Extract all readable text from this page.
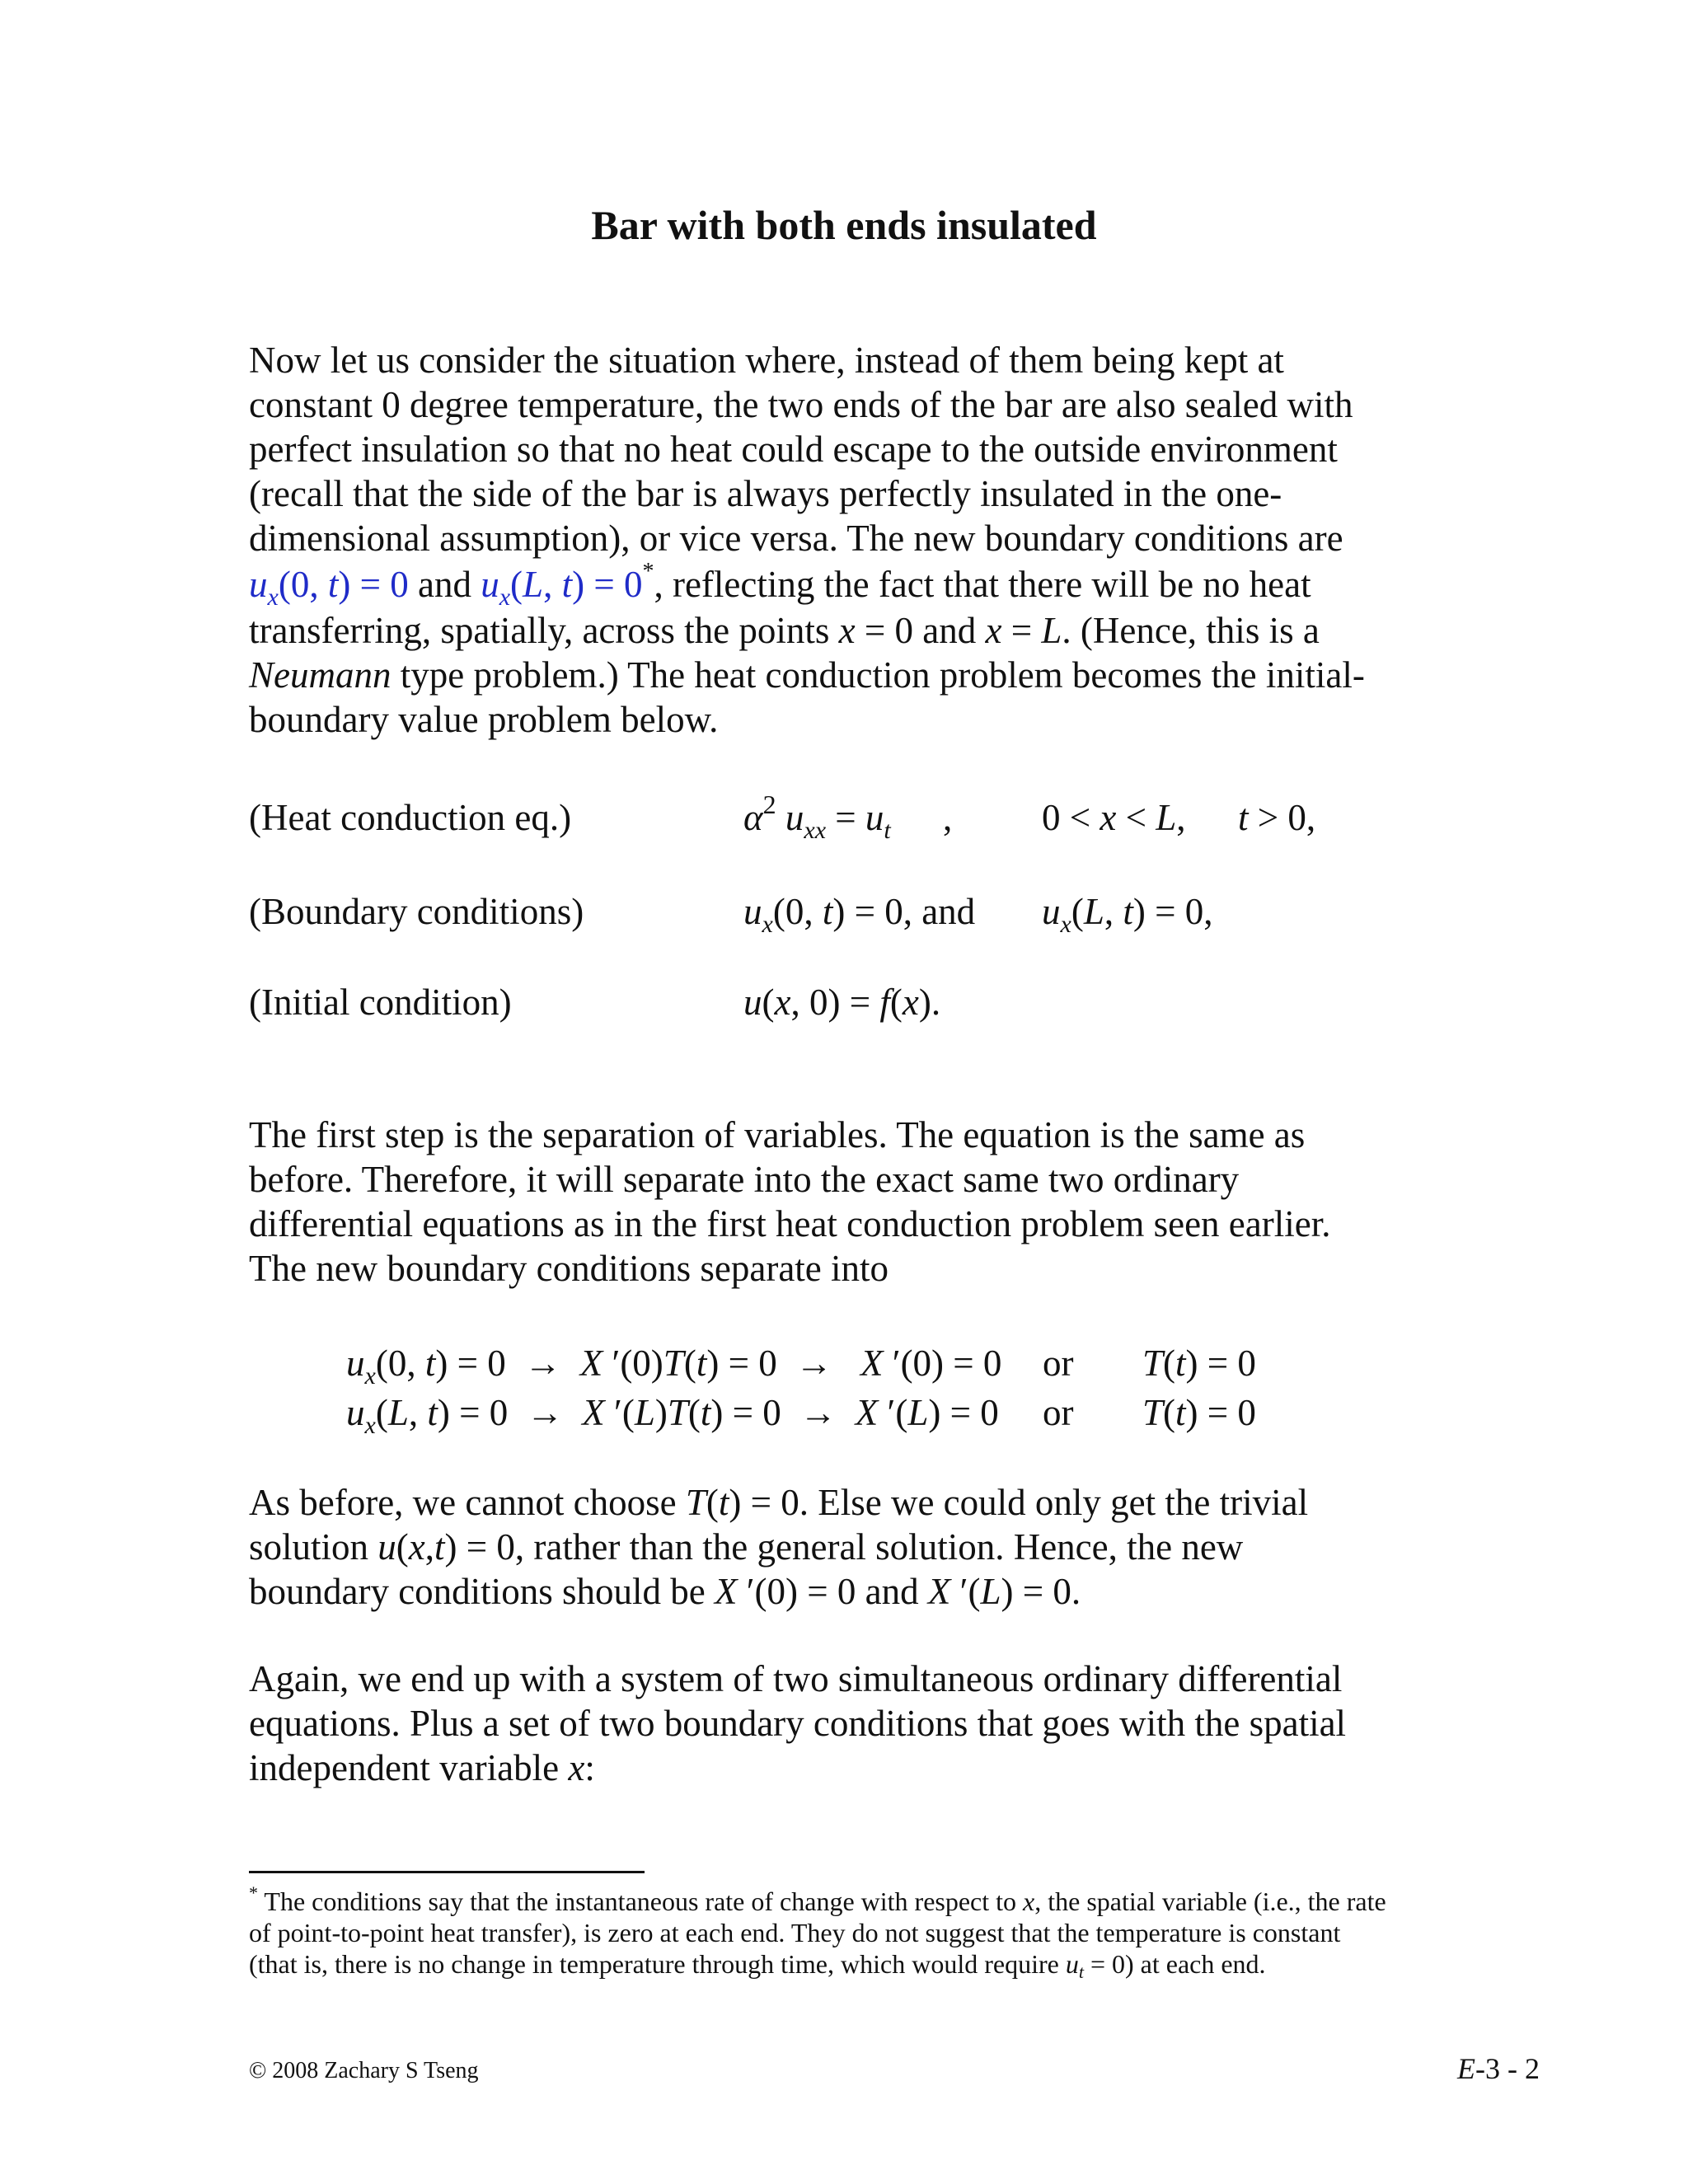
Bar with both ends insulated

Now let us consider the situation where, instead of them being kept at

constant 0 degree temperature, the two ends of the bar are also sealed with

perfect insulation so that no heat could escape to the outside environment

(recall that the side of the bar is always perfectly insulated in the one-

dimensional assumption), or vice versa. The new boundary conditions are

$u_x(0$, t) = 0 and $u_x(L$, t) = 0*, reflecting the fact that there will be no heat

transferring, spatially, across the points x = 0 and x = L. (Hence, this is a

Neumann type problem.) The heat conduction problem becomes the initial-

boundary value problem below.

(Heat conduction eq.)	$\alpha^2$ $u_{xx} = u_t$ , 0 < x < L, t > 0,
(Boundary conditions)	$u_x(0$, t) = 0, and $u_x(L$, t) = 0,
(Initial condition)	u(x, 0) = f(x).

The first step is the separation of variables. The equation is the same as

before. Therefore, it will separate into the exact same two ordinary

differential equations as in the first heat conduction problem seen earlier.

The new boundary conditions separate into

$u_x(0$, t) = 0  →  X ′(0)T(t) = 0  →   X ′(0) = 0 or T(t) = 0
$u_x(L$, t) = 0  →  X ′(L)T(t) = 0  →  X ′(L) = 0 or T(t) = 0

As before, we cannot choose T(t) = 0. Else we could only get the trivial

solution u(x,t) = 0, rather than the general solution. Hence, the new

boundary conditions should be X ′(0) = 0 and X ′(L) = 0.

Again, we end up with a system of two simultaneous ordinary differential

equations. Plus a set of two boundary conditions that goes with the spatial

independent variable x:

* The conditions say that the instantaneous rate of change with respect to x, the spatial variable (i.e., the rate

of point-to-point heat transfer), is zero at each end. They do not suggest that the temperature is constant

(that is, there is no change in temperature through time, which would require $u_t = 0$) at each end.

© 2008 Zachary S Tseng	E-3 - 2
